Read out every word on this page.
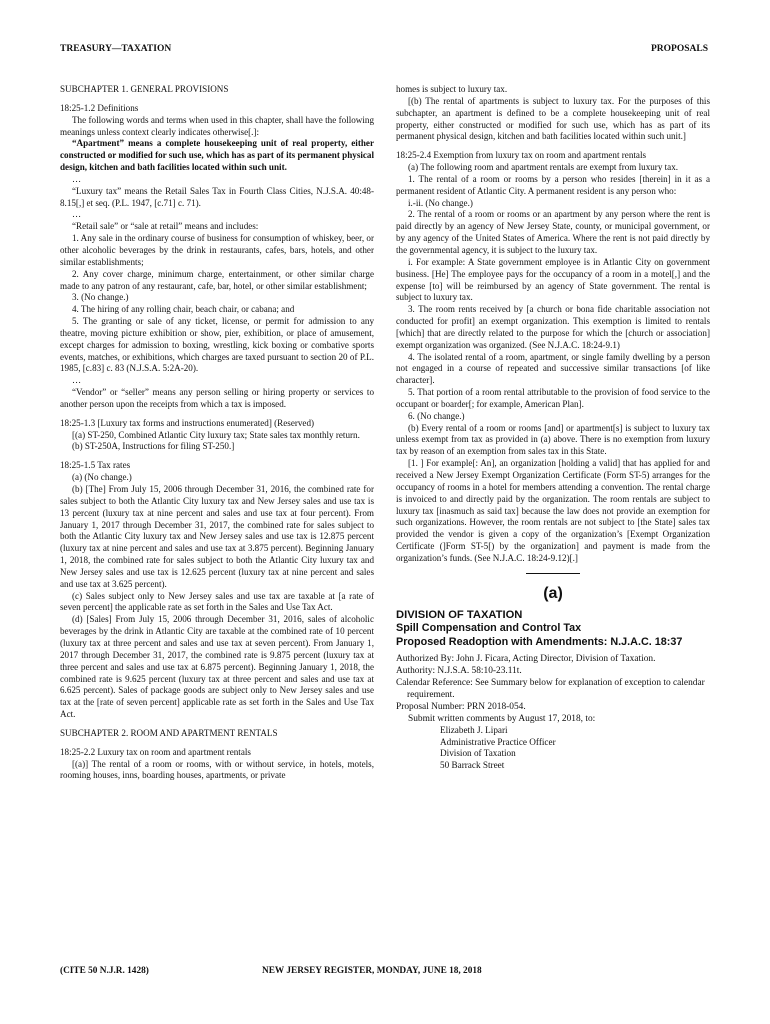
TREASURY—TAXATION	PROPOSALS

SUBCHAPTER 1. GENERAL PROVISIONS

18:25-1.2 Definitions

The following words and terms when used in this chapter, shall have the following meanings unless context clearly indicates otherwise[.]:

“Apartment” means a complete housekeeping unit of real property, either constructed or modified for such use, which has as part of its permanent physical design, kitchen and bath facilities located within such unit.

…

“Luxury tax” means the Retail Sales Tax in Fourth Class Cities, N.J.S.A. 40:48-8.15[,] et seq. (P.L. 1947, [c.71] c. 71).

…

“Retail sale” or “sale at retail” means and includes:

1. Any sale in the ordinary course of business for consumption of whiskey, beer, or other alcoholic beverages by the drink in restaurants, cafes, bars, hotels, and other similar establishments;

2. Any cover charge, minimum charge, entertainment, or other similar charge made to any patron of any restaurant, cafe, bar, hotel, or other similar establishment;

3. (No change.)

4. The hiring of any rolling chair, beach chair, or cabana; and

5. The granting or sale of any ticket, license, or permit for admission to any theatre, moving picture exhibition or show, pier, exhibition, or place of amusement, except charges for admission to boxing, wrestling, kick boxing or combative sports events, matches, or exhibitions, which charges are taxed pursuant to section 20 of P.L. 1985, [c.83] c. 83 (N.J.S.A. 5:2A-20).

…

“Vendor” or “seller” means any person selling or hiring property or services to another person upon the receipts from which a tax is imposed.

18:25-1.3 [Luxury tax forms and instructions enumerated] (Reserved)

[(a) ST-250, Combined Atlantic City luxury tax; State sales tax monthly return.

(b) ST-250A, Instructions for filing ST-250.]

18:25-1.5 Tax rates

(a) (No change.)

(b) [The] From July 15, 2006 through December 31, 2016, the combined rate for sales subject to both the Atlantic City luxury tax and New Jersey sales and use tax is 13 percent (luxury tax at nine percent and sales and use tax at four percent). From January 1, 2017 through December 31, 2017, the combined rate for sales subject to both the Atlantic City luxury tax and New Jersey sales and use tax is 12.875 percent (luxury tax at nine percent and sales and use tax at 3.875 percent). Beginning January 1, 2018, the combined rate for sales subject to both the Atlantic City luxury tax and New Jersey sales and use tax is 12.625 percent (luxury tax at nine percent and sales and use tax at 3.625 percent).

(c) Sales subject only to New Jersey sales and use tax are taxable at [a rate of seven percent] the applicable rate as set forth in the Sales and Use Tax Act.

(d) [Sales] From July 15, 2006 through December 31, 2016, sales of alcoholic beverages by the drink in Atlantic City are taxable at the combined rate of 10 percent (luxury tax at three percent and sales and use tax at seven percent). From January 1, 2017 through December 31, 2017, the combined rate is 9.875 percent (luxury tax at three percent and sales and use tax at 6.875 percent). Beginning January 1, 2018, the combined rate is 9.625 percent (luxury tax at three percent and sales and use tax at 6.625 percent). Sales of package goods are subject only to New Jersey sales and use tax at the [rate of seven percent] applicable rate as set forth in the Sales and Use Tax Act.

SUBCHAPTER 2. ROOM AND APARTMENT RENTALS

18:25-2.2 Luxury tax on room and apartment rentals

[(a)] The rental of a room or rooms, with or without service, in hotels, motels, rooming houses, inns, boarding houses, apartments, or private

homes is subject to luxury tax.

[(b) The rental of apartments is subject to luxury tax. For the purposes of this subchapter, an apartment is defined to be a complete housekeeping unit of real property, either constructed or modified for such use, which has as part of its permanent physical design, kitchen and bath facilities located within such unit.]

18:25-2.4 Exemption from luxury tax on room and apartment rentals

(a) The following room and apartment rentals are exempt from luxury tax.

1. The rental of a room or rooms by a person who resides [therein] in it as a permanent resident of Atlantic City. A permanent resident is any person who:

i.-ii. (No change.)

2. The rental of a room or rooms or an apartment by any person where the rent is paid directly by an agency of New Jersey State, county, or municipal government, or by any agency of the United States of America. Where the rent is not paid directly by the governmental agency, it is subject to the luxury tax.

i. For example: A State government employee is in Atlantic City on government business. [He] The employee pays for the occupancy of a room in a motel[,] and the expense [to] will be reimbursed by an agency of State government. The rental is subject to luxury tax.

3. The room rents received by [a church or bona fide charitable association not conducted for profit] an exempt organization. This exemption is limited to rentals [which] that are directly related to the purpose for which the [church or association] exempt organization was organized. (See N.J.A.C. 18:24-9.1)

4. The isolated rental of a room, apartment, or single family dwelling by a person not engaged in a course of repeated and successive similar transactions [of like character].

5. That portion of a room rental attributable to the provision of food service to the occupant or boarder[; for example, American Plan].

6. (No change.)

(b) Every rental of a room or rooms [and] or apartment[s] is subject to luxury tax unless exempt from tax as provided in (a) above. There is no exemption from luxury tax by reason of an exemption from sales tax in this State.

[1. ] For example[: An], an organization [holding a valid] that has applied for and received a New Jersey Exempt Organization Certificate (Form ST-5) arranges for the occupancy of rooms in a hotel for members attending a convention. The rental charge is invoiced to and directly paid by the organization. The room rentals are subject to luxury tax [inasmuch as said tax] because the law does not provide an exemption for such organizations. However, the room rentals are not subject to [the State] sales tax provided the vendor is given a copy of the organization’s [Exempt Organization Certificate (]Form ST-5[) by the organization] and payment is made from the organization’s funds. (See N.J.A.C. 18:24-9.12)[.]

(a)

DIVISION OF TAXATION

Spill Compensation and Control Tax

Proposed Readoption with Amendments: N.J.A.C. 18:37

Authorized By: John J. Ficara, Acting Director, Division of Taxation.

Authority: N.J.S.A. 58:10-23.11t.

Calendar Reference: See Summary below for explanation of exception to calendar requirement.

Proposal Number: PRN 2018-054.

Submit written comments by August 17, 2018, to:

Elizabeth J. Lipari
Administrative Practice Officer
Division of Taxation
50 Barrack Street
(CITE 50 N.J.R. 1428)	NEW JERSEY REGISTER, MONDAY, JUNE 18, 2018
